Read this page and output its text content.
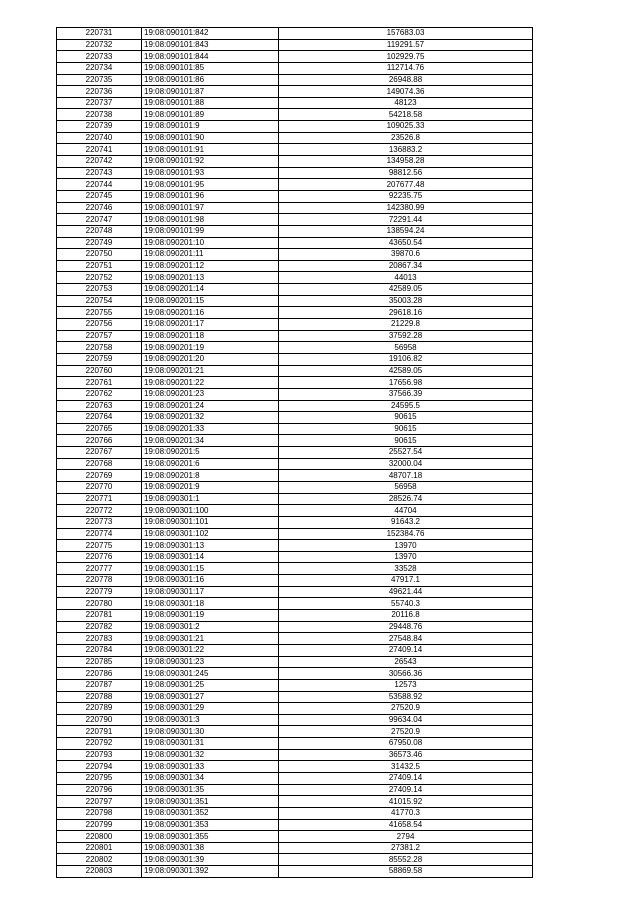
220731	19:08:090101:842	157683.03
220732	19:08:090101:843	119291.57
220733	19:08:090101:844	102929.75
220734	19:08:090101:85	112714.76
220735	19:08:090101:86	26948.88
220736	19:08:090101:87	149074.36
220737	19:08:090101:88	48123
220738	19:08:090101:89	54218.58
220739	19:08:090101:9	109025.33
220740	19:08:090101:90	23526.8
220741	19:08:090101:91	136883.2
220742	19:08:090101:92	134958.28
220743	19:08:090101:93	98812.56
220744	19:08:090101:95	207677.48
220745	19:08:090101:96	92235.75
220746	19:08:090101:97	142380.99
220747	19:08:090101:98	72291.44
220748	19:08:090101:99	138594.24
220749	19:08:090201:10	43650.54
220750	19:08:090201:11	39870.6
220751	19:08:090201:12	20867.34
220752	19:08:090201:13	44013
220753	19:08:090201:14	42589.05
220754	19:08:090201:15	35003.28
220755	19:08:090201:16	29618.16
220756	19:08:090201:17	21229.8
220757	19:08:090201:18	37592.28
220758	19:08:090201:19	56958
220759	19:08:090201:20	19106.82
220760	19:08:090201:21	42589.05
220761	19:08:090201:22	17656.98
220762	19:08:090201:23	37566.39
220763	19:08:090201:24	24595.5
220764	19:08:090201:32	90615
220765	19:08:090201:33	90615
220766	19:08:090201:34	90615
220767	19:08:090201:5	25527.54
220768	19:08:090201:6	32000.04
220769	19:08:090201:8	48707.18
220770	19:08:090201:9	56958
220771	19:08:090301:1	28526.74
220772	19:08:090301:100	44704
220773	19:08:090301:101	91643.2
220774	19:08:090301:102	152384.76
220775	19:08:090301:13	13970
220776	19:08:090301:14	13970
220777	19:08:090301:15	33528
220778	19:08:090301:16	47917.1
220779	19:08:090301:17	49621.44
220780	19:08:090301:18	55740.3
220781	19:08:090301:19	20116.8
220782	19:08:090301:2	29448.76
220783	19:08:090301:21	27548.84
220784	19:08:090301:22	27409.14
220785	19:08:090301:23	26543
220786	19:08:090301:245	30566.36
220787	19:08:090301:25	12573
220788	19:08:090301:27	53588.92
220789	19:08:090301:29	27520.9
220790	19:08:090301:3	99634.04
220791	19:08:090301:30	27520.9
220792	19:08:090301:31	67950.08
220793	19:08:090301:32	36573.46
220794	19:08:090301:33	31432.5
220795	19:08:090301:34	27409.14
220796	19:08:090301:35	27409.14
220797	19:08:090301:351	41015.92
220798	19:08:090301:352	41770.3
220799	19:08:090301:353	41658.54
220800	19:08:090301:355	2794
220801	19:08:090301:38	27381.2
220802	19:08:090301:39	85552.28
220803	19:08:090301:392	58869.58
